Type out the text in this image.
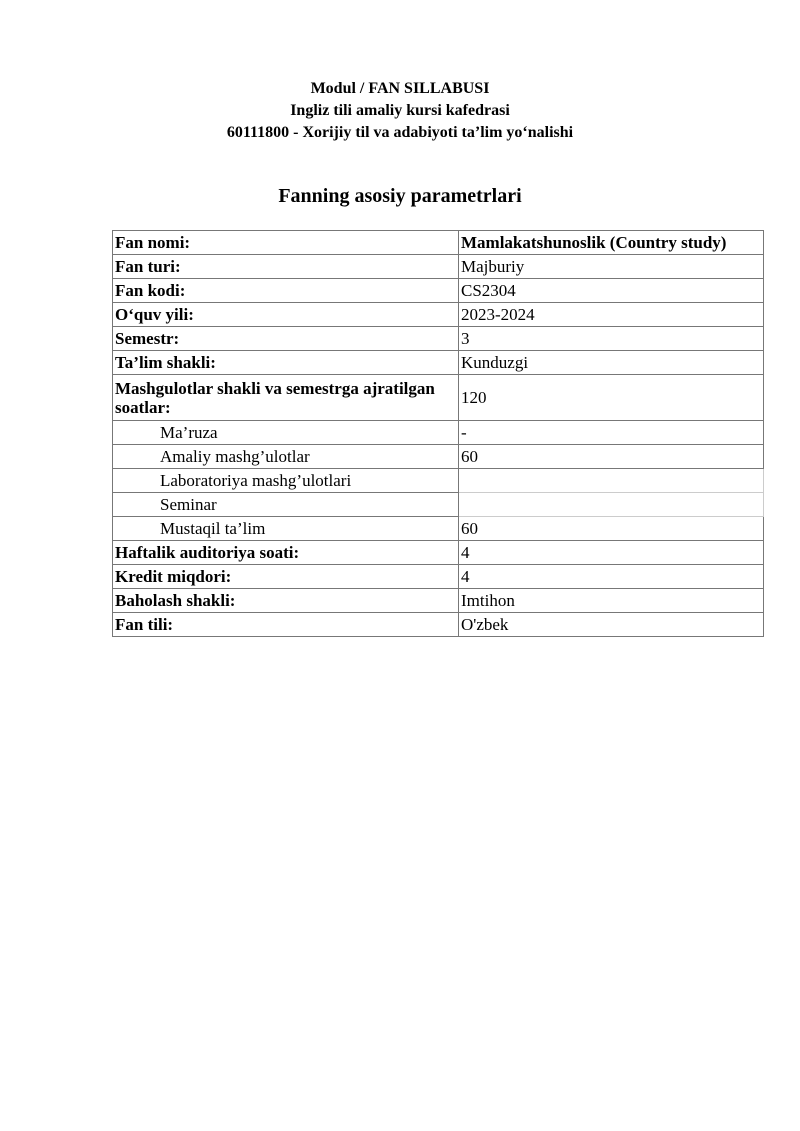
Modul / FAN SILLABUSI
Ingliz tili amaliy kursi kafedrasi
60111800 - Xorijiy til va adabiyoti ta’lim yo‘nalishi
Fanning asosiy parametrlari
Fan nomi:	Mamlakatshunoslik (Country study)
Fan turi:	Majburiy
Fan kodi:	CS2304
O‘quv yili:	2023-2024
Semestr:	3
Ta’lim shakli:	Kunduzgi
Mashgulotlar shakli va semestrga ajratilgan soatlar:	120
Ma’ruza	-
Amaliy mashg’ulotlar	60
Laboratoriya mashg’ulotlari	
Seminar	
Mustaqil ta’lim	60
Haftalik auditoriya soati:	4
Kredit miqdori:	4
Baholash shakli:	Imtihon
Fan tili:	O'zbek
